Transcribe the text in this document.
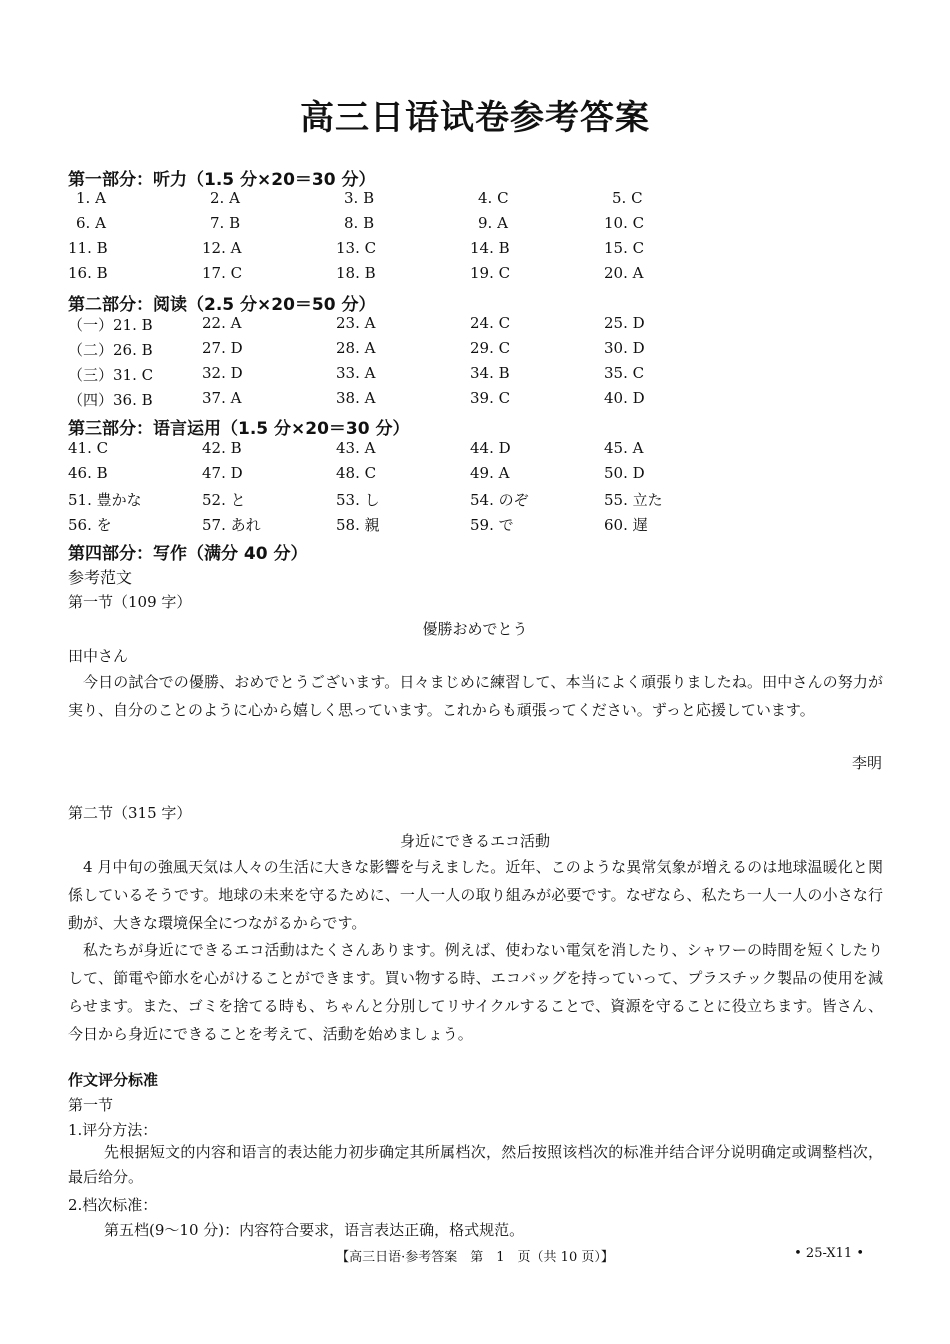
高三日语试卷参考答案
第一部分：听力（1.5 分×20＝30 分）
1. A	2. A	3. B	4. C	5. C
6. A	7. B	8. B	9. A	10. C
11. B	12. A	13. C	14. B	15. C
16. B	17. C	18. B	19. C	20. A
第二部分：阅读（2.5 分×20＝50 分）
（一）21. B	22. A	23. A	24. C	25. D
（二）26. B	27. D	28. A	29. C	30. D
（三）31. C	32. D	33. A	34. B	35. C
（四）36. B	37. A	38. A	39. C	40. D
第三部分：语言运用（1.5 分×20＝30 分）
41. C	42. B	43. A	44. D	45. A
46. B	47. D	48. C	49. A	50. D
51. 豊かな	52. と	53. し	54. のぞ	55. 立た
56. を	57. あれ	58. 親	59. で	60. 遅
第四部分：写作（满分 40 分）
参考范文
第一节（109 字）
優勝おめでとう
田中さん
今日の試合での優勝、おめでとうございます。日々まじめに練習して、本当によく頑張りましたね。田中さんの努力が実り、自分のことのように心から嬉しく思っています。これからも頑張ってください。ずっと応援しています。
李明
第二节（315 字）
身近にできるエコ活動
4 月中旬の強風天気は人々の生活に大きな影響を与えました。近年、このような異常気象が増えるのは地球温暖化と関係しているそうです。地球の未来を守るために、一人一人の取り組みが必要です。なぜなら、私たち一人一人の小さな行動が、大きな環境保全につながるからです。
私たちが身近にできるエコ活動はたくさんあります。例えば、使わない電気を消したり、シャワーの時間を短くしたりして、節電や節水を心がけることができます。買い物する時、エコバッグを持っていって、プラスチック製品の使用を減らせます。また、ゴミを捨てる時も、ちゃんと分別してリサイクルすることで、資源を守ることに役立ちます。皆さん、今日から身近にできることを考えて、活動を始めましょう。
作文评分标准
第一节
1.评分方法：
先根据短文的内容和语言的表达能力初步确定其所属档次，然后按照该档次的标准并结合评分说明确定或调整档次，最后给分。
2.档次标准：
第五档(9～10 分)：内容符合要求，语言表达正确，格式规范。
【高三日语·参考答案　第　1　页（共 10 页）】	• 25-X11 •
